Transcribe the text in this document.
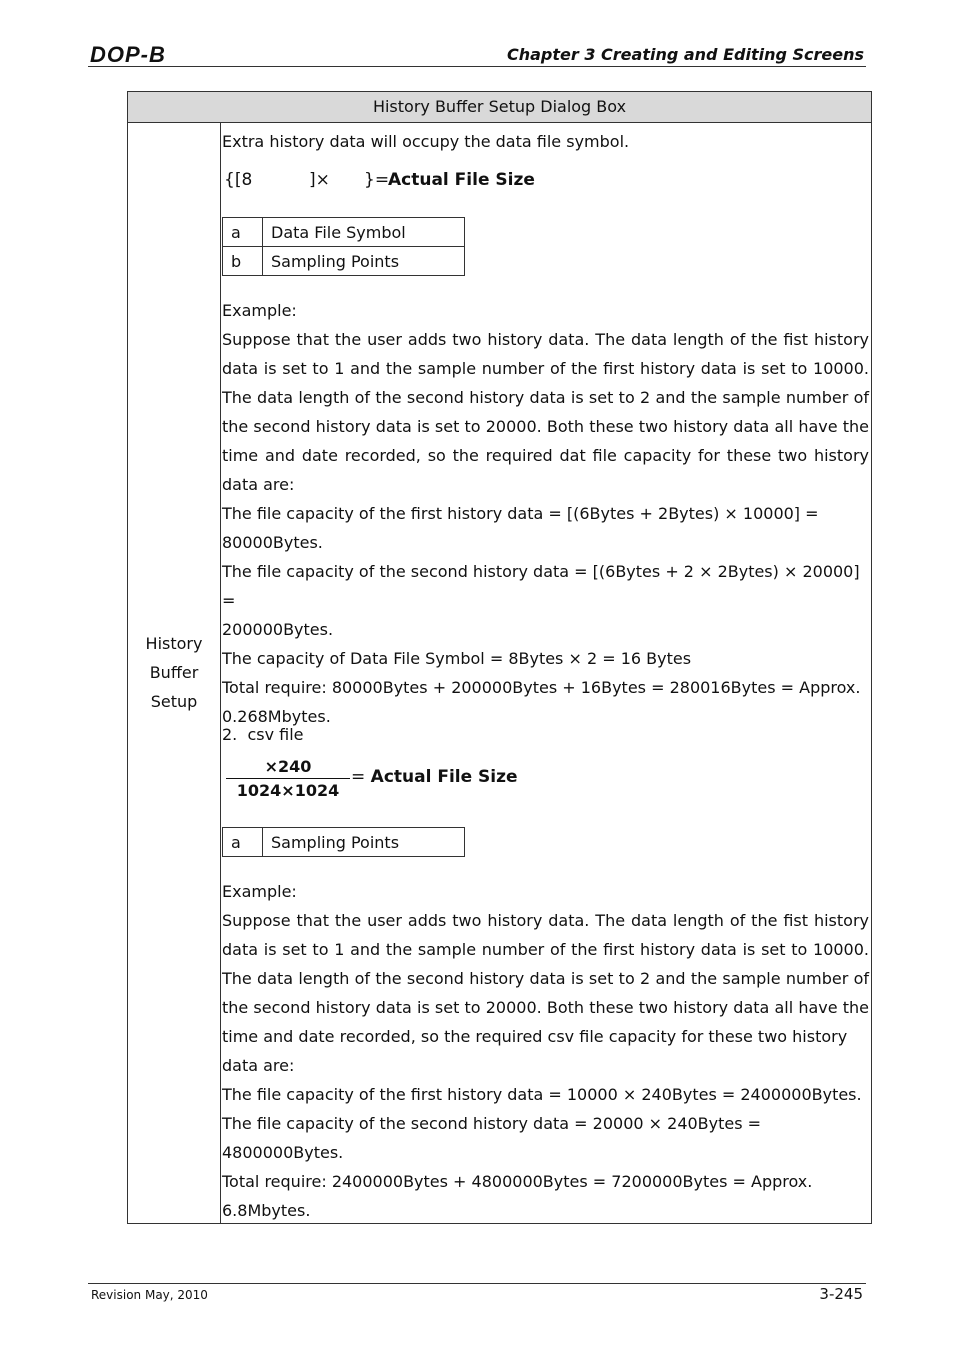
DOP-B	Chapter 3 Creating and Editing Screens
History Buffer Setup Dialog Box
History
Buffer
Setup

Extra history data will occupy the data file symbol.

{[8	]× }=
Actual File Size
a	Data File Symbol
b	Sampling Points

Example:

Suppose that the user adds two history data. The data length of the fist history

data is set to 1 and the sample number of the first history data is set to 10000.

The data length of the second history data is set to 2 and the sample number of

the second history data is set to 20000. Both these two history data all have the

time and date recorded, so the required dat file capacity for these two history

data are:

The file capacity of the first history data = [(6Bytes + 2Bytes) × 10000] =

80000Bytes.

The file capacity of the second history data = [(6Bytes + 2 × 2Bytes) × 20000] =

200000Bytes.

The capacity of Data File Symbol = 8Bytes × 2 = 16 Bytes

Total require: 80000Bytes + 200000Bytes + 16Bytes = 280016Bytes = Approx.

0.268Mbytes.

2.  csv file

×240
1024×1024
= Actual File Size
a	Sampling Points

Example:

Suppose that the user adds two history data. The data length of the fist history

data is set to 1 and the sample number of the first history data is set to 10000.

The data length of the second history data is set to 2 and the sample number of

the second history data is set to 20000. Both these two history data all have the

time and date recorded, so the required csv file capacity for these two history

data are:

The file capacity of the first history data = 10000 × 240Bytes = 2400000Bytes.

The file capacity of the second history data = 20000 × 240Bytes =

4800000Bytes.

Total require: 2400000Bytes + 4800000Bytes = 7200000Bytes = Approx.

6.8Mbytes.

Revision May, 2010	3-245
